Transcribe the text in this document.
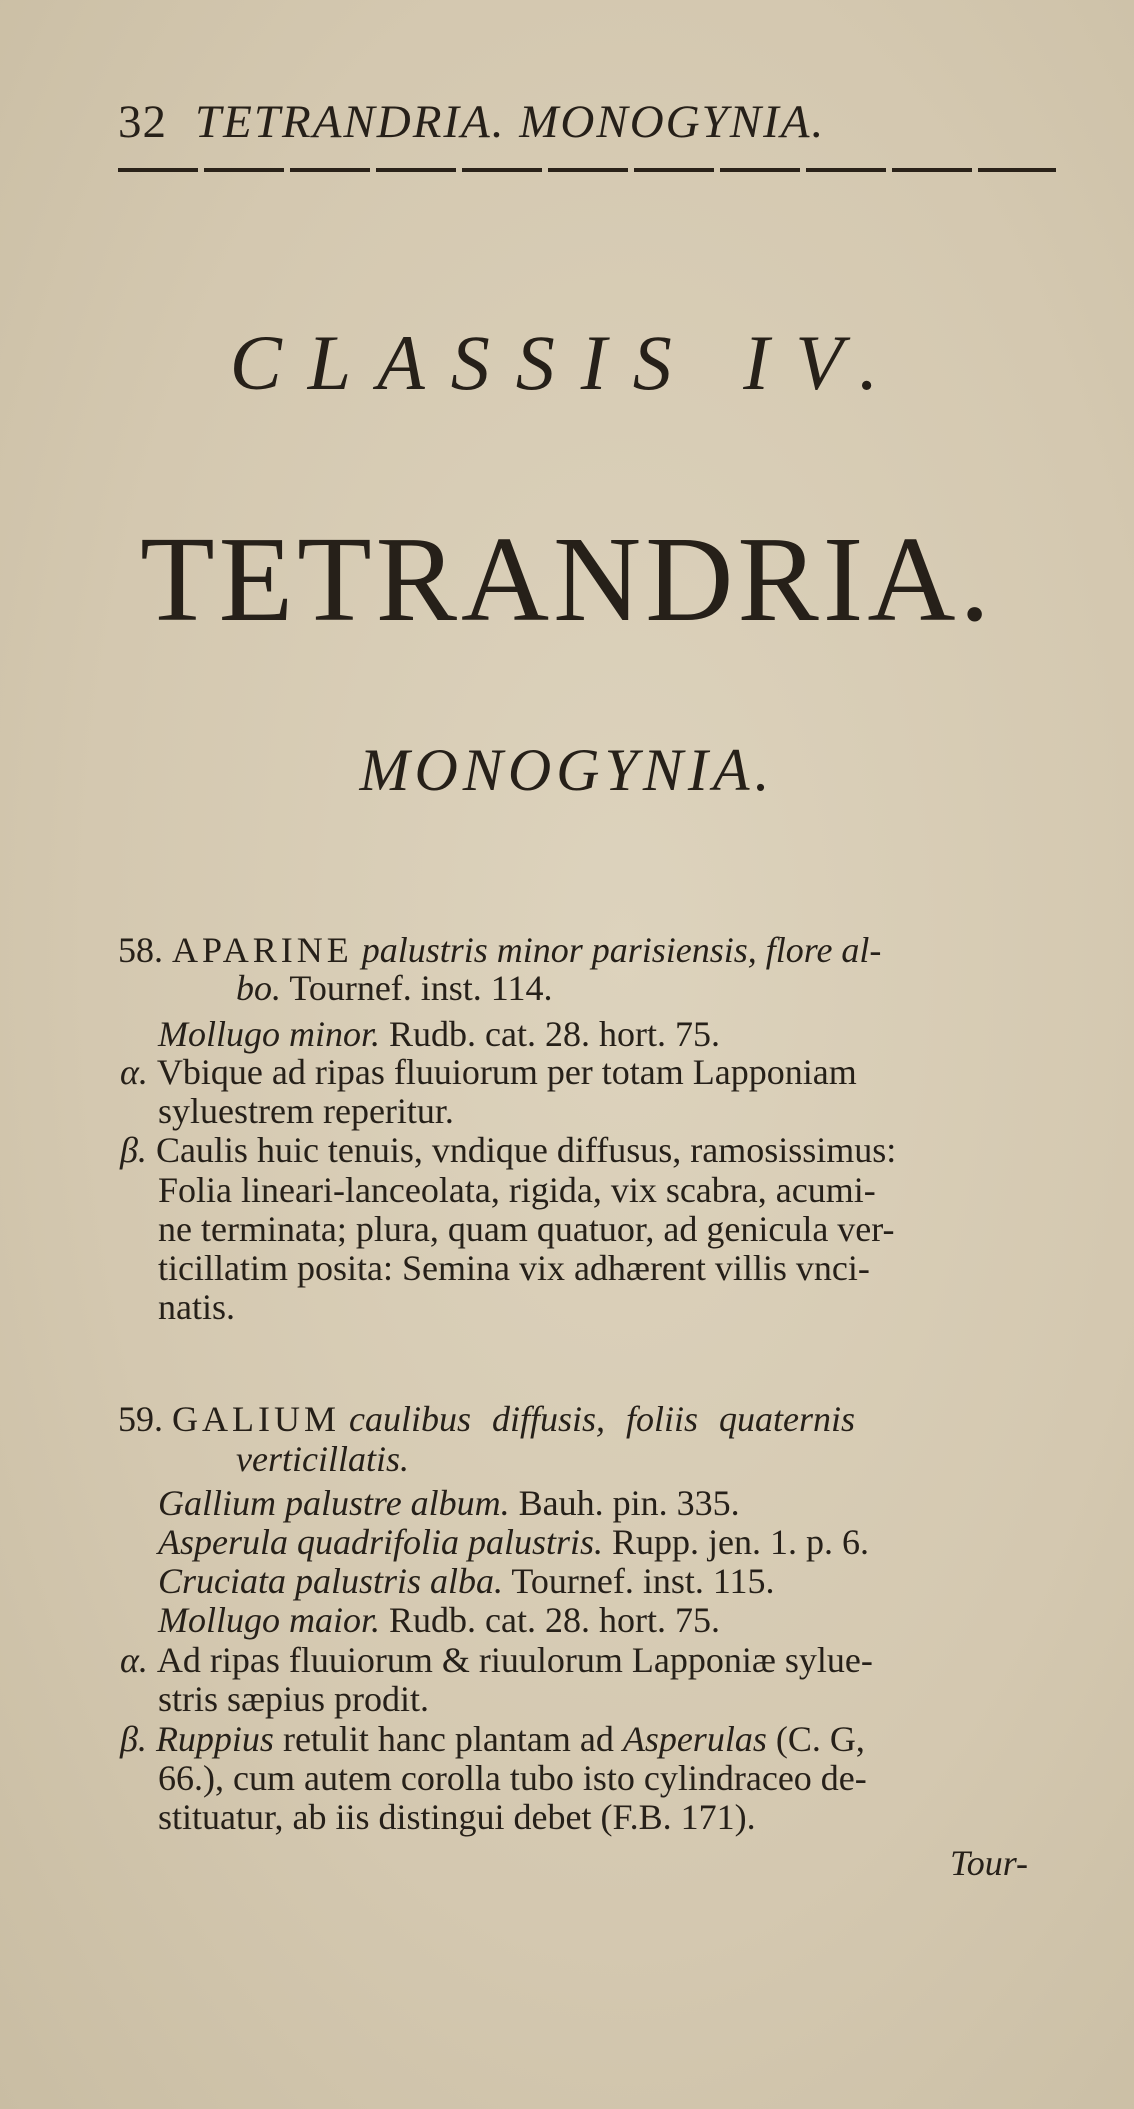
32 TETRANDRIA. MONOGYNIA.
CLASSIS IV.
TETRANDRIA.
MONOGYNIA.
58. APARINE palustris minor parisiensis, flore al-
bo. Tournef. inst. 114.
Mollugo minor. Rudb. cat. 28. hort. 75.
α. Vbique ad ripas fluuiorum per totam Lapponiam
syluestrem reperitur.
β. Caulis huic tenuis, vndique diffusus, ramosissimus:
Folia lineari-lanceolata, rigida, vix scabra, acumi-
ne terminata; plura, quam quatuor, ad genicula ver-
ticillatim posita: Semina vix adhærent villis vnci-
natis.
59. GALIUM caulibus diffusis, foliis quaternis
verticillatis.
Gallium palustre album. Bauh. pin. 335.
Asperula quadrifolia palustris. Rupp. jen. 1. p. 6.
Cruciata palustris alba. Tournef. inst. 115.
Mollugo maior. Rudb. cat. 28. hort. 75.
α. Ad ripas fluuiorum & riuulorum Lapponiæ sylue-
stris sæpius prodit.
β. Ruppius retulit hanc plantam ad Asperulas (C. G,
66.), cum autem corolla tubo isto cylindraceo de-
stituatur, ab iis distingui debet (F.B. 171).
Tour-
